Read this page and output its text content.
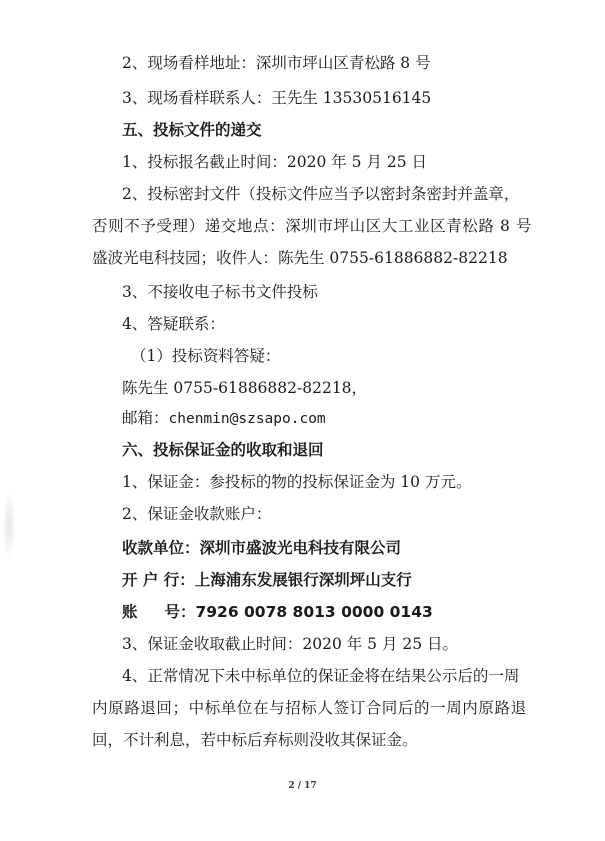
2、现场看样地址：深圳市坪山区青松路 8 号
3、现场看样联系人：王先生 13530516145
五、投标文件的递交
1、投标报名截止时间：2020 年 5 月 25 日
2、投标密封文件（投标文件应当予以密封条密封并盖章，
否则不予受理）递交地点：深圳市坪山区大工业区青松路 8 号
盛波光电科技园；收件人：陈先生 0755-61886882-82218
3、不接收电子标书文件投标
4、答疑联系：
（1）投标资料答疑：
陈先生 0755-61886882-82218，
邮箱：chenmin@szsapo.com
六、投标保证金的收取和退回
1、保证金：参投标的物的投标保证金为 10 万元。
2、保证金收款账户：
收款单位：深圳市盛波光电科技有限公司
开 户 行：上海浦东发展银行深圳坪山支行
账     号：7926 0078 8013 0000 0143
3、保证金收取截止时间：2020 年 5 月 25 日。
4、正常情况下未中标单位的保证金将在结果公示后的一周
内原路退回；中标单位在与招标人签订合同后的一周内原路退
回，不计利息，若中标后弃标则没收其保证金。
2 / 17
